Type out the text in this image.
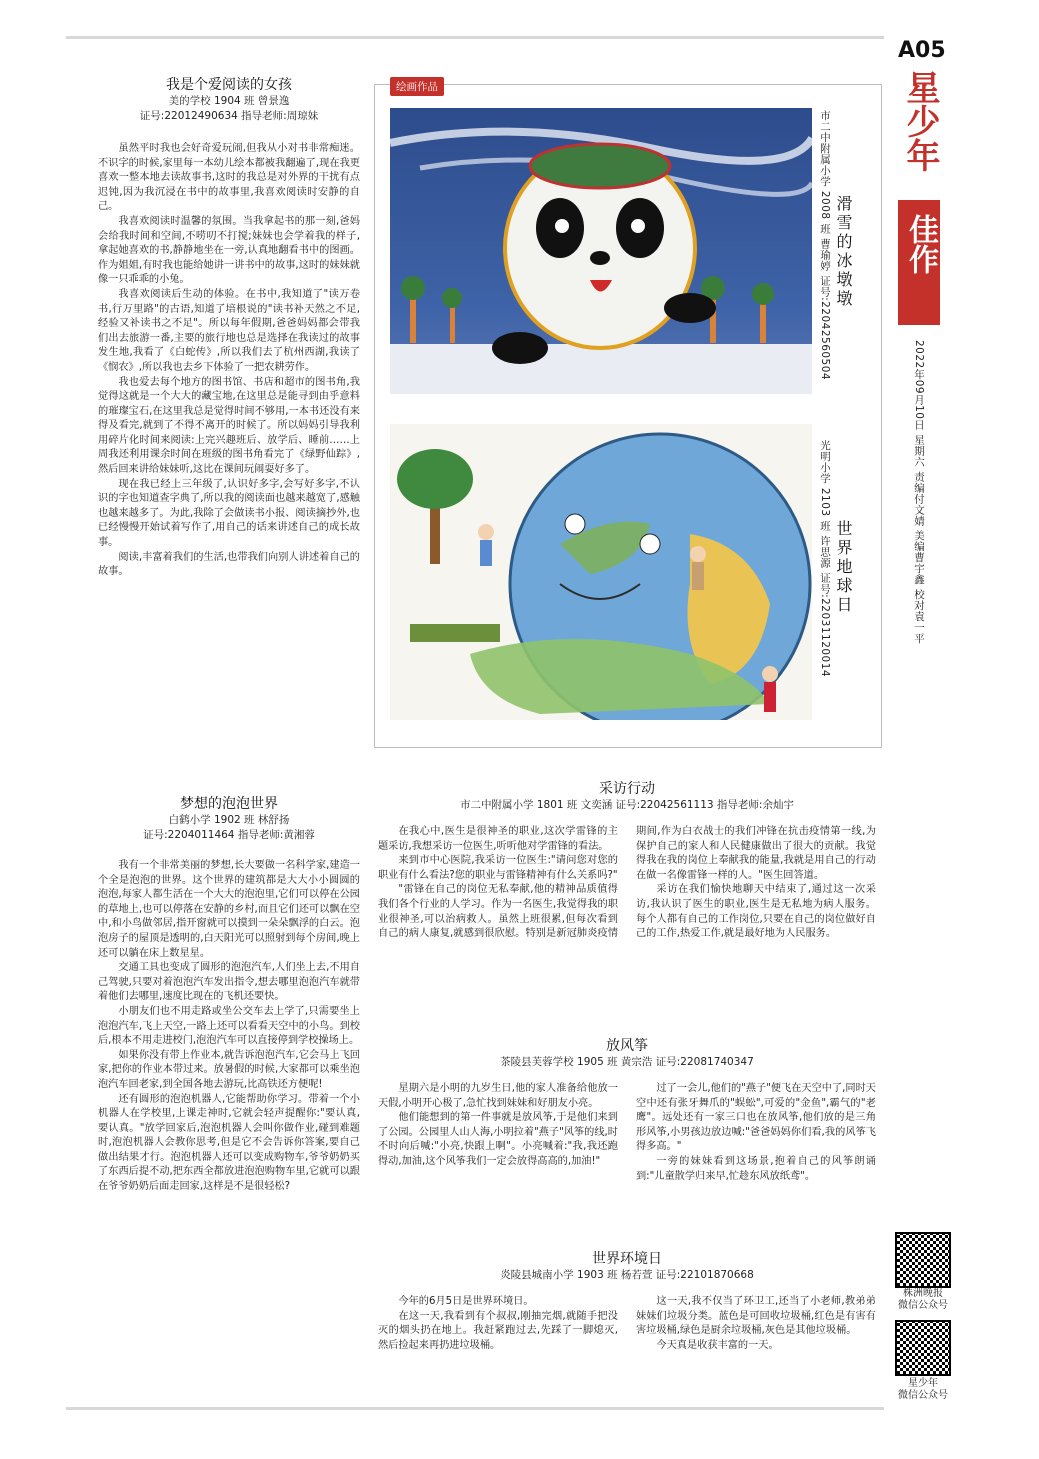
A05
星少年
佳作
2022年09月10日 星期六 责编付文婧 美编曹宇鑫 校对袁一平
我是个爱阅读的女孩
美的学校 1904 班 曾景逸
证号:22012490634 指导老师:周琼妹

虽然平时我也会好奇爱玩闹,但我从小对书非常痴迷。不识字的时候,家里每一本幼儿绘本都被我翻遍了,现在我更喜欢一整本地去读故事书,这时的我总是对外界的干扰有点迟钝,因为我沉浸在书中的故事里,我喜欢阅读时安静的自己。

我喜欢阅读时温馨的氛围。当我拿起书的那一刻,爸妈会给我时间和空间,不唠叨不打搅;妹妹也会学着我的样子,拿起她喜欢的书,静静地坐在一旁,认真地翻看书中的图画。作为姐姐,有时我也能给她讲一讲书中的故事,这时的妹妹就像一只乖乖的小兔。

我喜欢阅读后生动的体验。在书中,我知道了"读万卷书,行万里路"的古语,知道了培根说的"读书补天然之不足,经验又补读书之不足"。所以每年假期,爸爸妈妈都会带我们出去旅游一番,主要的旅行地也总是选择在我读过的故事发生地,我看了《白蛇传》,所以我们去了杭州西湖,我读了《悯农》,所以我也去乡下体验了一把农耕劳作。

我也爱去每个地方的图书馆、书店和超市的图书角,我觉得这就是一个大大的藏宝地,在这里总是能寻到由乎意料的璀璨宝石,在这里我总是觉得时间不够用,一本书还没有来得及看完,就到了不得不离开的时候了。所以妈妈引导我利用碎片化时间来阅读:上完兴趣班后、放学后、睡前……上周我还利用课余时间在班级的图书角看完了《绿野仙踪》,然后回来讲给妹妹听,这比在课间玩闹耍好多了。

现在我已经上三年级了,认识好多字,会写好多字,不认识的字也知道查字典了,所以我的阅读面也越来越宽了,感触也越来越多了。为此,我除了会做读书小报、阅读摘抄外,也已经慢慢开始试着写作了,用自己的话来讲述自己的成长故事。

阅读,丰富着我们的生活,也带我们向别人讲述着自己的故事。

绘画作品
滑雪的冰墩墩
市二中附属小学 2008 班 曹瑜婷 证号:22042560504
世界地球日
光明小学 2103 班 许思源 证号:22031120014
梦想的泡泡世界
白鹤小学 1902 班 林舒扬
证号:2204011464 指导老师:黄湘蓉

我有一个非常美丽的梦想,长大要做一名科学家,建造一个全是泡泡的世界。这个世界的建筑都是大大小小圆圆的泡泡,每家人都生活在一个大大的泡泡里,它们可以停在公园的草地上,也可以停落在安静的乡村,而且它们还可以飘在空中,和小鸟做邻居,指开窗就可以摸到一朵朵飘浮的白云。泡泡房子的屋顶是透明的,白天阳光可以照射到每个房间,晚上还可以躺在床上数星星。

交通工具也变成了圆形的泡泡汽车,人们坐上去,不用自己驾驶,只要对着泡泡汽车发出指令,想去哪里泡泡汽车就带着他们去哪里,速度比现在的飞机还要快。

小朋友们也不用走路或坐公交车去上学了,只需要坐上泡泡汽车,飞上天空,一路上还可以看看天空中的小鸟。到校后,根本不用走进校门,泡泡汽车可以直接停到学校操场上。

如果你没有带上作业本,就告诉泡泡汽车,它会马上飞回家,把你的作业本带过来。放暑假的时候,大家都可以乘坐泡泡汽车回老家,到全国各地去游玩,比高铁还方便呢!

还有圆形的泡泡机器人,它能帮助你学习。带着一个小机器人在学校里,上课走神时,它就会轻声提醒你:"要认真,要认真。"放学回家后,泡泡机器人会叫你做作业,碰到难题时,泡泡机器人会教你思考,但是它不会告诉你答案,要自己做出结果才行。泡泡机器人还可以变成购物车,爷爷奶奶买了东西后提不动,把东西全都放进泡泡购物车里,它就可以跟在爷爷奶奶后面走回家,这样是不是很轻松?

采访行动
市二中附属小学 1801 班 文奕涵 证号:22042561113 指导老师:余灿宇

在我心中,医生是很神圣的职业,这次学雷锋的主题采访,我想采访一位医生,听听他对学雷锋的看法。

来到市中心医院,我采访一位医生:"请问您对您的职业有什么看法?您的职业与雷锋精神有什么关系吗?"

"雷锋在自己的岗位无私奉献,他的精神品质值得我们各个行业的人学习。作为一名医生,我觉得我的职业很神圣,可以治病救人。虽然上班很累,但每次看到自己的病人康复,就感到很欣慰。特别是新冠肺炎疫情期间,作为白衣战士的我们冲锋在抗击疫情第一线,为保护自己的家人和人民健康做出了很大的贡献。我觉得我在我的岗位上奉献我的能量,我就是用自己的行动在做一名像雷锋一样的人。"医生回答道。

采访在我们愉快地聊天中结束了,通过这一次采访,我认识了医生的职业,医生是无私地为病人服务。每个人都有自己的工作岗位,只要在自己的岗位做好自己的工作,热爱工作,就是最好地为人民服务。

放风筝
茶陵县芙蓉学校 1905 班 黄宗浩 证号:22081740347

星期六是小明的九岁生日,他的家人准备给他放一天假,小明开心极了,急忙找到妹妹和好朋友小亮。

他们能想到的第一件事就是放风筝,于是他们来到了公园。公园里人山人海,小明拉着"燕子"风筝的线,时不时向后喊:"小亮,快跟上啊"。小亮喊着:"我,我还跑得动,加油,这个风筝我们一定会放得高高的,加油!"

过了一会儿,他们的"燕子"便飞在天空中了,同时天空中还有张牙舞爪的"蜈蚣",可爱的"金鱼",霸气的"老鹰"。远处还有一家三口也在放风筝,他们放的是三角形风筝,小男孩边放边喊:"爸爸妈妈你们看,我的风筝飞得多高。"

一旁的妹妹看到这场景,抱着自己的风筝朗诵到:"儿童散学归来早,忙趁东风放纸鸢"。

世界环境日
炎陵县城南小学 1903 班 杨若萱 证号:22101870668

今年的6月5日是世界环境日。

在这一天,我看到有个叔叔,刚抽完烟,就随手把没灭的烟头扔在地上。我赶紧跑过去,先踩了一脚熄灭,然后捡起来再扔进垃圾桶。

这一天,我不仅当了环卫工,还当了小老师,教弟弟妹妹们垃圾分类。蓝色是可回收垃圾桶,红色是有害有害垃圾桶,绿色是厨余垃圾桶,灰色是其他垃圾桶。

今天真是收获丰富的一天。

株洲晚报
微信公众号
星少年
微信公众号
